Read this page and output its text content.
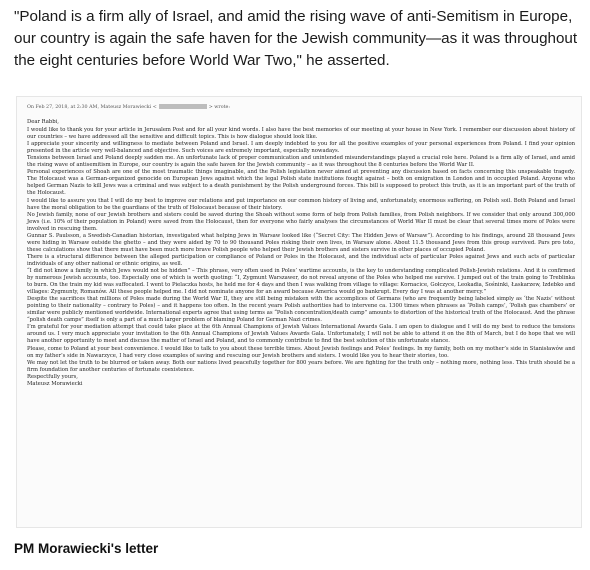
"Poland is a firm ally of Israel, and amid the rising wave of anti-Semitism in Europe, our country is again the safe haven for the Jewish community—as it was throughout the eight centuries before World War Two," he asserted.

On Feb 27, 2018, at 2:30 AM, Mateusz Morawiecki <	> wrote:

Dear Rabbi,

I would like to thank you for your article in Jerusalem Post and for all your kind words. I also have the best memories of our meeting at your house in New York. I remember our discussion about history of our countries – we have addressed all the sensitive and difficult topics. This is how dialogue should look like.

I appreciate your sincerity and willingness to mediate between Poland and Israel. I am deeply indebted to you for all the positive examples of your personal experiences from Poland. I find your opinion presented in the article very well-balanced and objective. Such voices are extremely important, especially nowadays.

Tensions between Israel and Poland deeply sadden me. An unfortunate lack of proper communication and unintended misunderstandings played a crucial role here. Poland is a firm ally of Israel, and amid the rising wave of antisemitism in Europe, our country is again the safe haven for the Jewish community – as it was throughout the 8 centuries before the World War II.

Personal experiences of Shoah are one of the most traumatic things imaginable, and the Polish legislation never aimed at preventing any discussion based on facts concerning this unspeakable tragedy. The Holocaust was a German-organized genocide on European Jews against which the legal Polish state institutions fought against – both on emigration in London and in occupied Poland. Anyone who helped German Nazis to kill Jews was a criminal and was subject to a death punishment by the Polish underground forces. This bill is supposed to protect this truth, as it is an important part of the truth of the Holocaust.

I would like to assure you that I will do my best to improve our relations and put importance on our common history of living and, unfortunately, enormous suffering, on Polish soil. Both Poland and Israel have the moral obligation to be the guardians of the truth of Holocaust because of their history.

No Jewish family, none of our Jewish brothers and sisters could be saved during the Shoah without some form of help from Polish families, from Polish neighbors. If we consider that only around 300,000 Jews (i.e. 10% of their population in Poland) were saved from the Holocaust, then for everyone who fairly analyses the circumstances of World War II must be clear that several times more of Poles were involved in rescuing them.

Gunnar S. Paulsson, a Swedish-Canadian historian, investigated what helping Jews in Warsaw looked like (“Secret City: The Hidden Jews of Warsaw”). According to his findings, around 28 thousand Jews were hiding in Warsaw outside the ghetto – and they were aided by 70 to 90 thousand Poles risking their own lives, in Warsaw alone. About 11.5 thousand Jews from this group survived. Pars pro toto, these calculations show that there must have been much more brave Polish people who helped their Jewish brothers and sisters survive in other places of occupied Poland.

There is a structural difference between the alleged participation or compliance of Poland or Poles in the Holocaust, and the individual acts of particular Poles against Jews and such acts of particular individuals of any other national or ethnic origins, as well.

“I did not know a family in which Jews would not be hidden” – This phrase, very often used in Poles’ wartime accounts, is the key to understanding complicated Polish-Jewish relations. And it is confirmed by numerous Jewish accounts, too. Especially one of which is worth quoting: “I, Zygmunt Warszawer, do not reveal anyone of the Poles who helped me survive. I jumped out of the train going to Treblinka to burn. On the train my kid was suffocated. I went to Pielaczka hosts, he held me for 4 days and then I was walking from village to village: Kornacice, Gołczyce, Leokadia, Sośninki, Łaskarzew, Izdebko and villages: Zygmunty, Romanów. All these people helped me. I did not nominate anyone for an award because America would go bankrupt. Every day I was at another mercy.”

Despite the sacrifices that millions of Poles made during the World War II, they are still being mistaken with the accomplices of Germans (who are frequently being labeled simply as ‘the Nazis’ without pointing to their nationality – contrary to Poles) – and it happens too often. In the recent years Polish authorities had to intervene ca. 1300 times when phrases as ‘Polish camps’, ‘Polish gas chambers’ or similar were publicly mentioned worldwide. International experts agree that using terms as “Polish concentration/death camp” amounts to distortion of the historical truth of the Holocaust. And the phrase “polish death camps” itself is only a part of a much larger problem of blaming Poland for German Nazi crimes.

I’m grateful for your mediation attempt that could take place at the 6th Annual Champions of Jewish Values International Awards Gala. I am open to dialogue and I will do my best to reduce the tensions around us. I very much appreciate your invitation to the 6th Annual Champions of Jewish Values Awards Gala. Unfortunately, I will not be able to attend it on the 8th of March, but I do hope that we will have another opportunity to meet and discuss the matter of Israel and Poland, and to commonly contribute to find the best solution of this unfortunate stance.

Please, come to Poland at your best convenience. I would like to talk to you about these terrible times. About Jewish feelings and Poles’ feelings. In my family, both on my mother’s side in Stanisławów and on my father’s side in Nawarzyce, I had very close examples of saving and rescuing our Jewish brothers and sisters. I would like you to hear their stories, too.

We may not let the truth to be blurred or taken away. Both our nations lived peacefully together for 800 years before. We are fighting for the truth only – nothing more, nothing less. This truth should be a firm foundation for another centuries of fortunate coexistence.

Respectfully yours,

Mateusz Morawiecki

PM Morawiecki's letter
